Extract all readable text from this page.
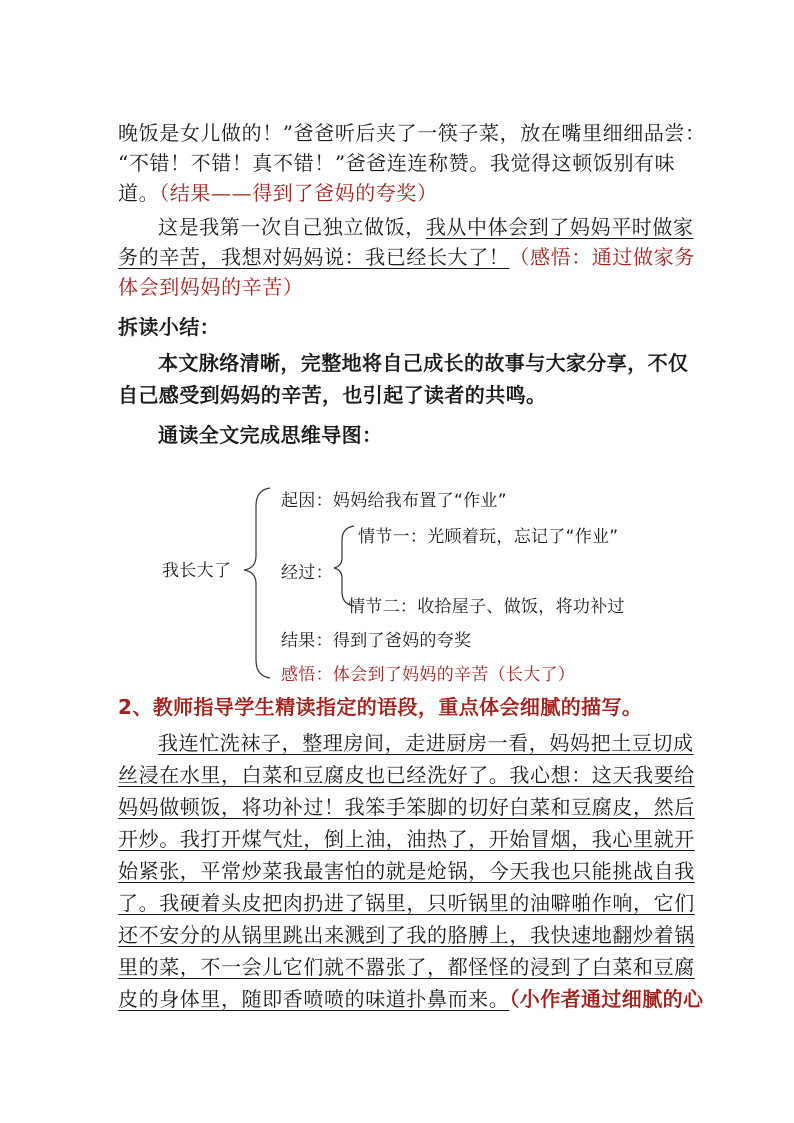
晚饭是女儿做的！”爸爸听后夹了一筷子菜，放在嘴里细细品尝：
“不错！不错！真不错！”爸爸连连称赞。我觉得这顿饭别有味
道。（结果——得到了爸妈的夸奖）
这是我第一次自己独立做饭，我从中体会到了妈妈平时做家
务的辛苦，我想对妈妈说：我已经长大了！（感悟：通过做家务
体会到妈妈的辛苦）
拆读小结：
本文脉络清晰，完整地将自己成长的故事与大家分享，不仅
自己感受到妈妈的辛苦，也引起了读者的共鸣。
通读全文完成思维导图：
我长大了
起因：妈妈给我布置了“作业”
情节一：光顾着玩，忘记了“作业”
经过：
情节二：收拾屋子、做饭，将功补过
结果：得到了爸妈的夸奖
感悟：体会到了妈妈的辛苦（长大了）
2、教师指导学生精读指定的语段，重点体会细腻的描写。
我连忙洗袜子，整理房间，走进厨房一看，妈妈把土豆切成
丝浸在水里，白菜和豆腐皮也已经洗好了。我心想：这天我要给
妈妈做顿饭，将功补过！我笨手笨脚的切好白菜和豆腐皮，然后
开炒。我打开煤气灶，倒上油，油热了，开始冒烟，我心里就开
始紧张，平常炒菜我最害怕的就是炝锅，今天我也只能挑战自我
了。我硬着头皮把肉扔进了锅里，只听锅里的油噼啪作响，它们
还不安分的从锅里跳出来溅到了我的胳膊上，我快速地翻炒着锅
里的菜，不一会儿它们就不嚣张了，都怪怪的浸到了白菜和豆腐
皮的身体里，随即香喷喷的味道扑鼻而来。（小作者通过细腻的心
